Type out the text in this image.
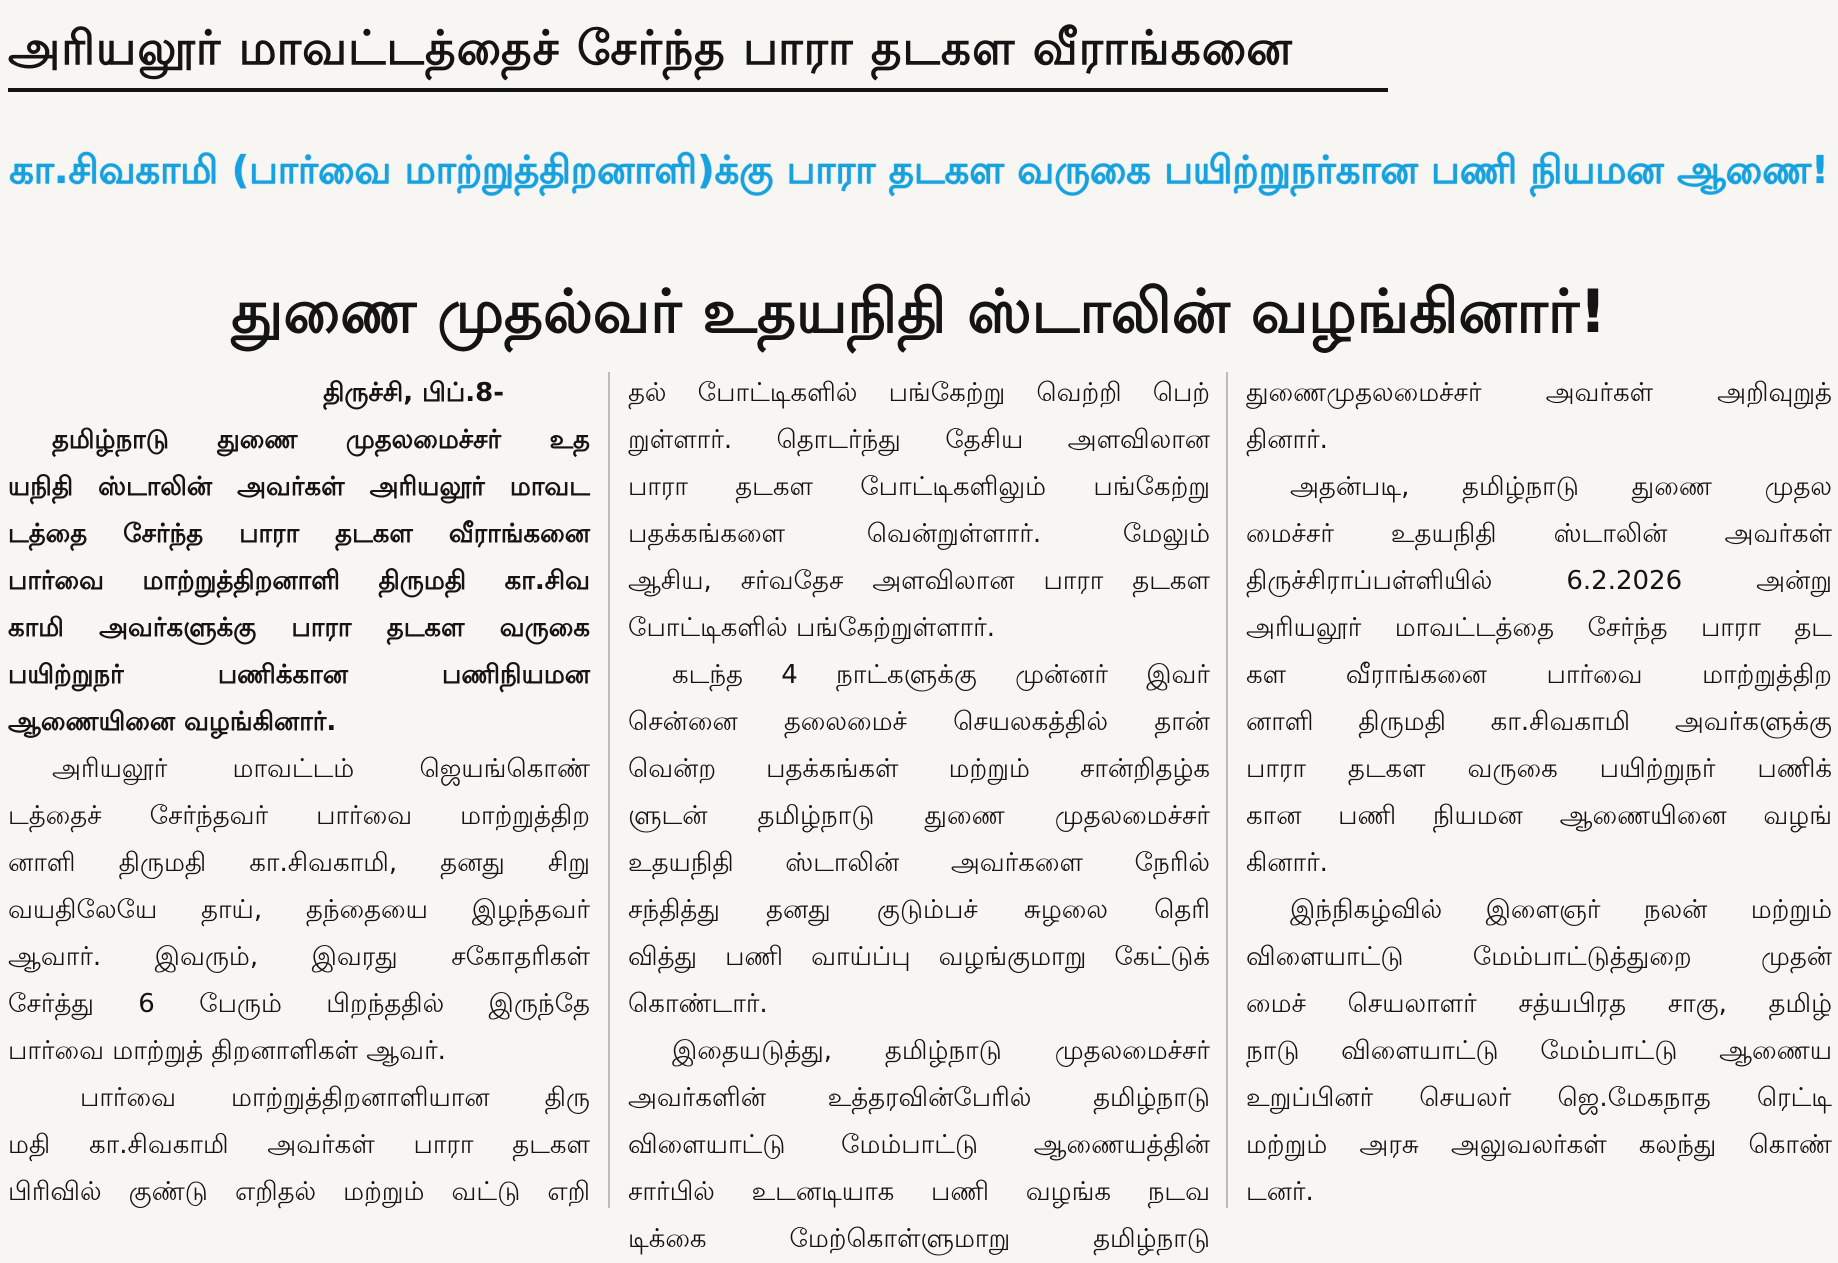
அரியலூர் மாவட்டத்தைச் சேர்ந்த பாரா தடகள வீராங்கனை
கா.சிவகாமி (பார்வை மாற்றுத்திறனாளி)க்கு பாரா தடகள வருகை பயிற்றுநர்கான பணி நியமன ஆணை!
துணை முதல்வர் உதயநிதி ஸ்டாலின் வழங்கினார்!
திருச்சி, பிப்.8-
தமிழ்நாடு துணை முதலமைச்சர் உத
யநிதி ஸ்டாலின் அவர்கள் அரியலூர் மாவட
டத்தை சேர்ந்த பாரா தடகள வீராங்கனை
பார்வை மாற்றுத்திறனாளி திருமதி கா.சிவ
காமி அவர்களுக்கு பாரா தடகள வருகை
பயிற்றுநர் பணிக்கான பணிநியமன
ஆணையினை வழங்கினார்.
அரியலூர் மாவட்டம் ஜெயங்கொண்
டத்தைச் சேர்ந்தவர் பார்வை மாற்றுத்திற
னாளி திருமதி கா.சிவகாமி, தனது சிறு
வயதிலேயே தாய், தந்தையை இழந்தவர்
ஆவார். இவரும், இவரது சகோதரிகள்
சேர்த்து 6 பேரும் பிறந்ததில் இருந்தே
பார்வை மாற்றுத் திறனாளிகள் ஆவர்.
பார்வை மாற்றுத்திறனாளியான திரு
மதி கா.சிவகாமி அவர்கள் பாரா தடகள
பிரிவில் குண்டு எறிதல் மற்றும் வட்டு எறி
தல் போட்டிகளில் பங்கேற்று வெற்றி பெற்
றுள்ளார். தொடர்ந்து தேசிய அளவிலான
பாரா தடகள போட்டிகளிலும் பங்கேற்று
பதக்கங்களை வென்றுள்ளார். மேலும்
ஆசிய, சர்வதேச அளவிலான பாரா தடகள
போட்டிகளில் பங்கேற்றுள்ளார்.
கடந்த 4 நாட்களுக்கு முன்னர் இவர்
சென்னை தலைமைச் செயலகத்தில் தான்
வென்ற பதக்கங்கள் மற்றும் சான்றிதழ்க
ளுடன் தமிழ்நாடு துணை முதலமைச்சர்
உதயநிதி ஸ்டாலின் அவர்களை நேரில்
சந்தித்து தனது குடும்பச் சுழலை தெரி
வித்து பணி வாய்ப்பு வழங்குமாறு கேட்டுக்
கொண்டார்.
இதையடுத்து, தமிழ்நாடு முதலமைச்சர்
அவர்களின் உத்தரவின்பேரில் தமிழ்நாடு
விளையாட்டு மேம்பாட்டு ஆணையத்தின்
சார்பில் உடனடியாக பணி வழங்க நடவ
டிக்கை மேற்கொள்ளுமாறு தமிழ்நாடு
துணைமுதலமைச்சர் அவர்கள் அறிவுறுத்
தினார்.
அதன்படி, தமிழ்நாடு துணை முதல
மைச்சர் உதயநிதி ஸ்டாலின் அவர்கள்
திருச்சிராப்பள்ளியில் 6.2.2026 அன்று
அரியலூர் மாவட்டத்தை சேர்ந்த பாரா தட
கள வீராங்கனை பார்வை மாற்றுத்திற
னாளி திருமதி கா.சிவகாமி அவர்களுக்கு
பாரா தடகள வருகை பயிற்றுநர் பணிக்
கான பணி நியமன ஆணையினை வழங்
கினார்.
இந்நிகழ்வில் இளைஞர் நலன் மற்றும்
விளையாட்டு மேம்பாட்டுத்துறை முதன்
மைச் செயலாளர் சத்யபிரத சாகு, தமிழ்
நாடு விளையாட்டு மேம்பாட்டு ஆணைய
உறுப்பினர் செயலர் ஜெ.மேகநாத ரெட்டி
மற்றும் அரசு அலுவலர்கள் கலந்து கொண்
டனர்.
